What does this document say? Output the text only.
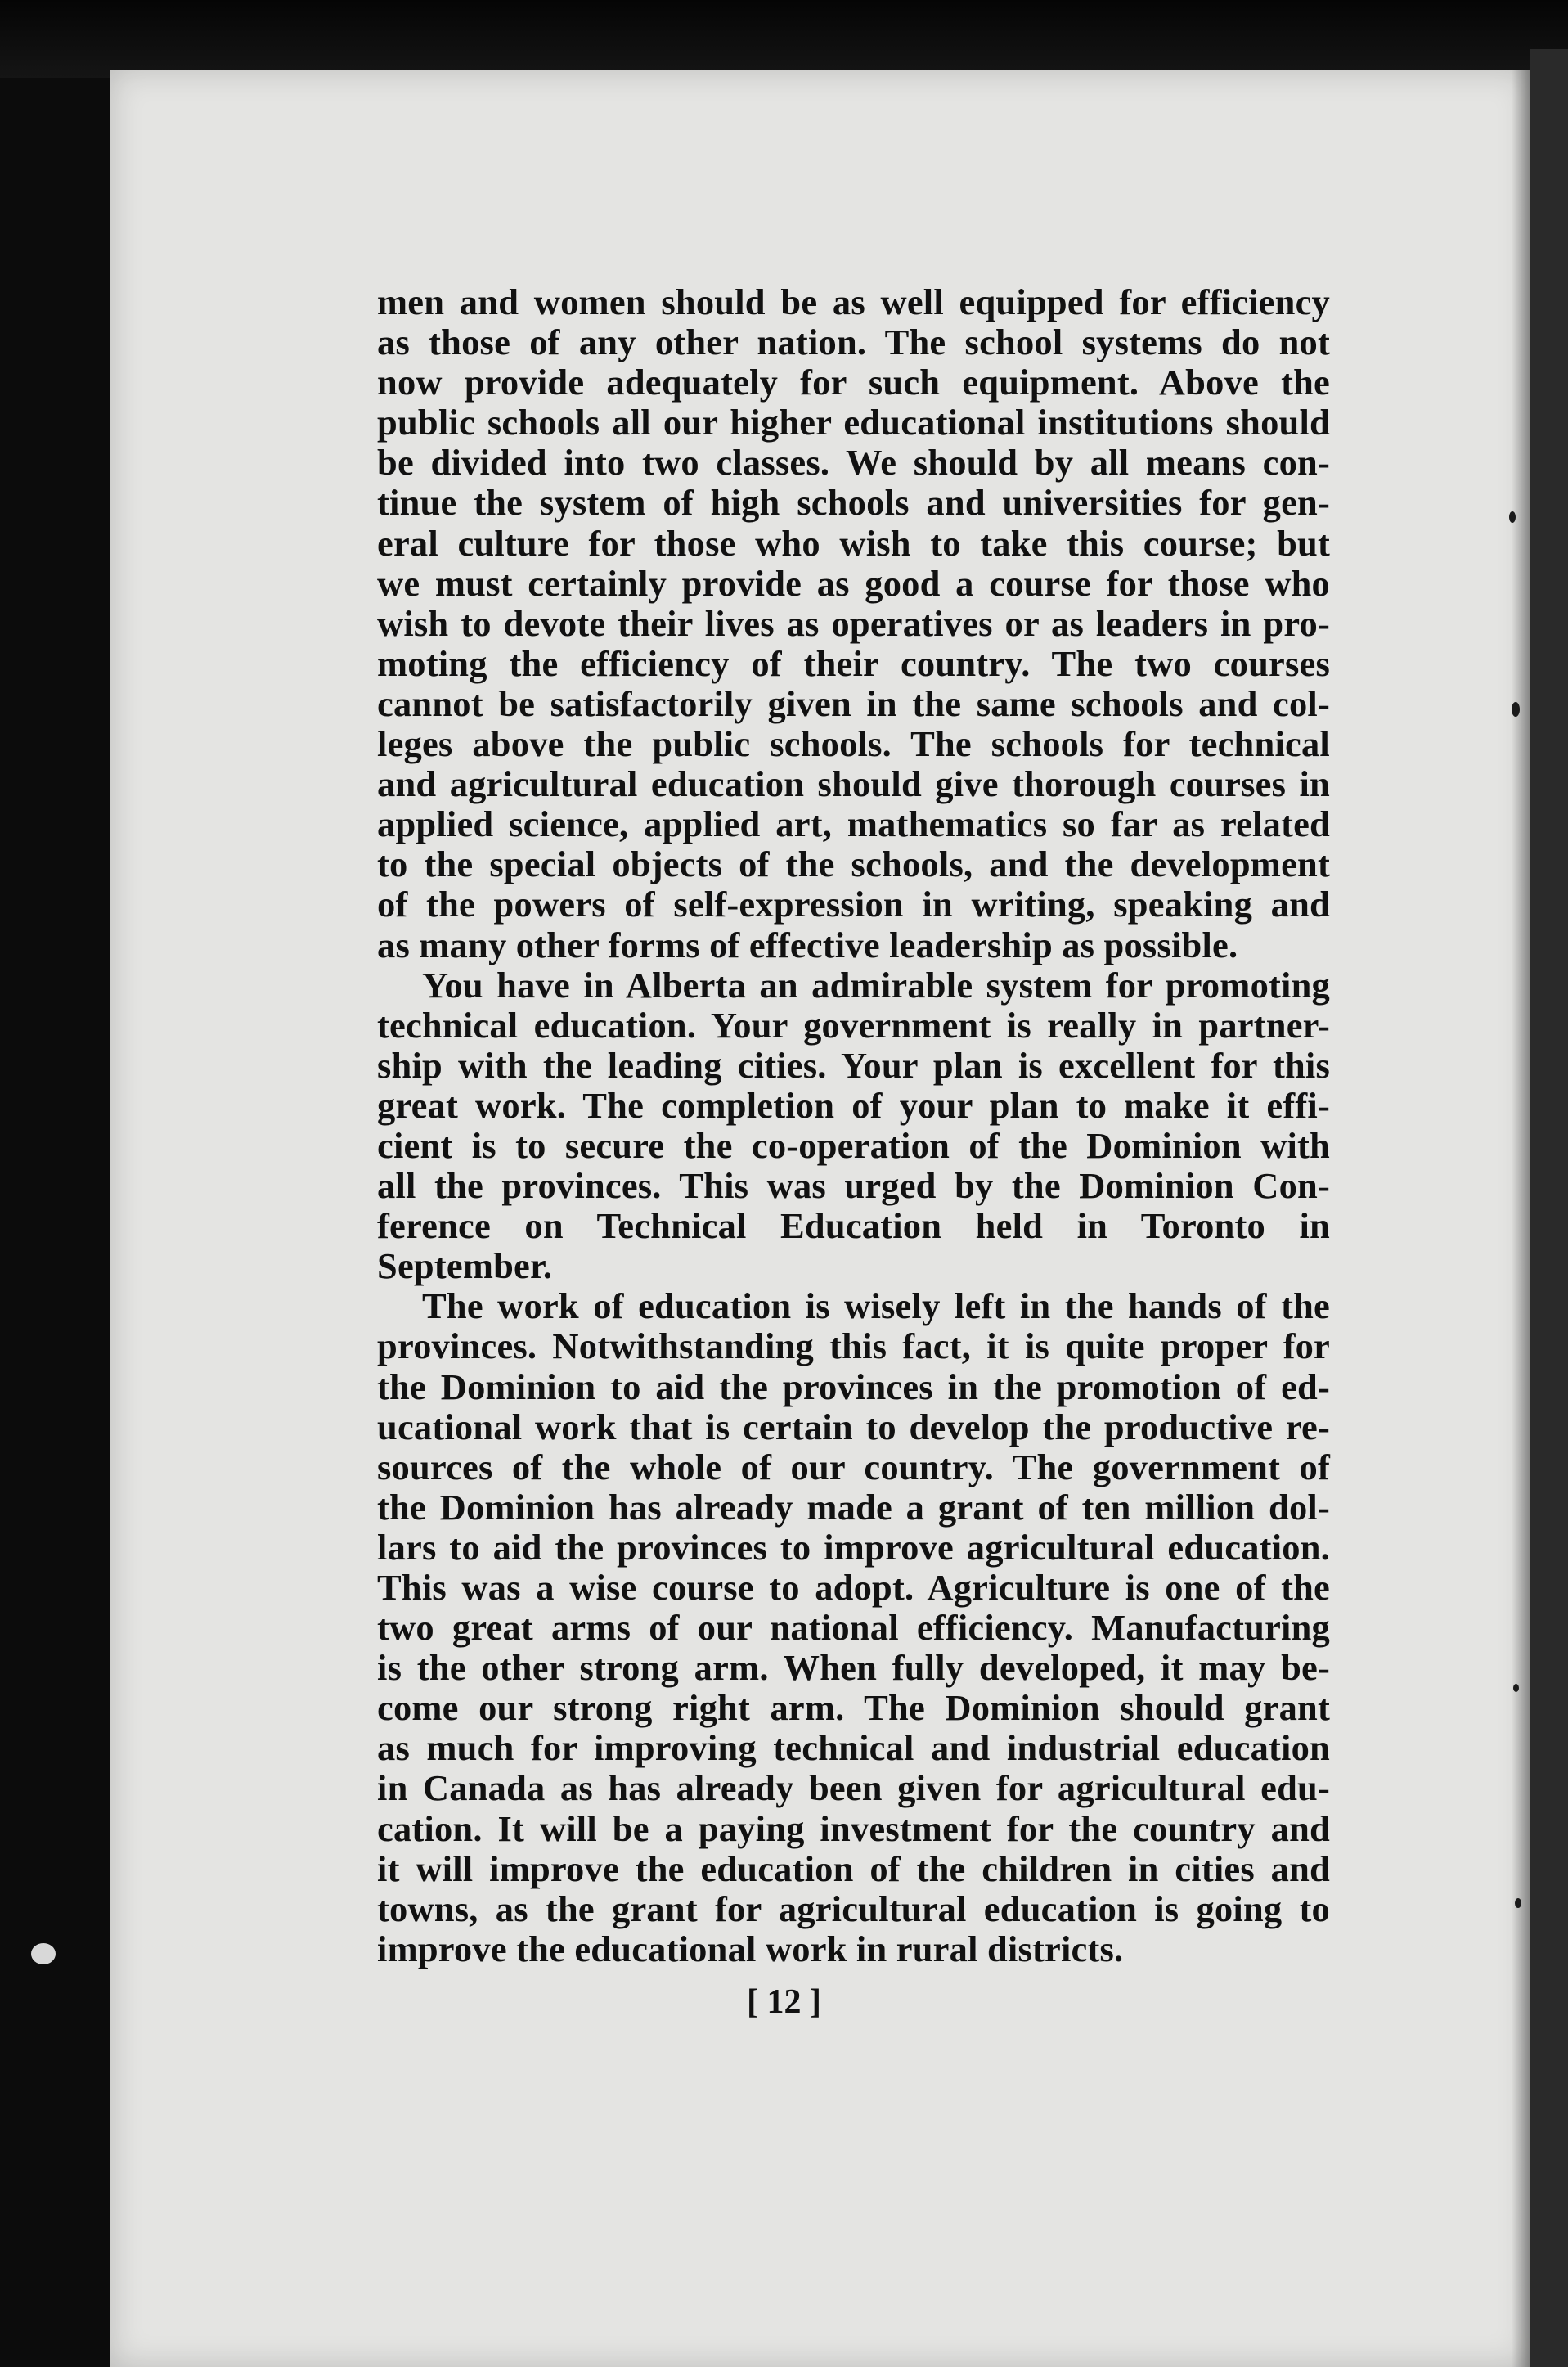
men and women should be as well equipped for efficiency
as those of any other nation. The school systems do not
now provide adequately for such equipment. Above the
public schools all our higher educational institutions should
be divided into two classes. We should by all means con-
tinue the system of high schools and universities for gen-
eral culture for those who wish to take this course; but
we must certainly provide as good a course for those who
wish to devote their lives as operatives or as leaders in pro-
moting the efficiency of their country. The two courses
cannot be satisfactorily given in the same schools and col-
leges above the public schools. The schools for technical
and agricultural education should give thorough courses in
applied science, applied art, mathematics so far as related
to the special objects of the schools, and the development
of the powers of self-expression in writing, speaking and
as many other forms of effective leadership as possible.
You have in Alberta an admirable system for promoting
technical education. Your government is really in partner-
ship with the leading cities. Your plan is excellent for this
great work. The completion of your plan to make it effi-
cient is to secure the co-operation of the Dominion with
all the provinces. This was urged by the Dominion Con-
ference on Technical Education held in Toronto in
September.
The work of education is wisely left in the hands of the
provinces. Notwithstanding this fact, it is quite proper for
the Dominion to aid the provinces in the promotion of ed-
ucational work that is certain to develop the productive re-
sources of the whole of our country. The government of
the Dominion has already made a grant of ten million dol-
lars to aid the provinces to improve agricultural education.
This was a wise course to adopt. Agriculture is one of the
two great arms of our national efficiency. Manufacturing
is the other strong arm. When fully developed, it may be-
come our strong right arm. The Dominion should grant
as much for improving technical and industrial education
in Canada as has already been given for agricultural edu-
cation. It will be a paying investment for the country and
it will improve the education of the children in cities and
towns, as the grant for agricultural education is going to
improve the educational work in rural districts.
[ 12 ]
